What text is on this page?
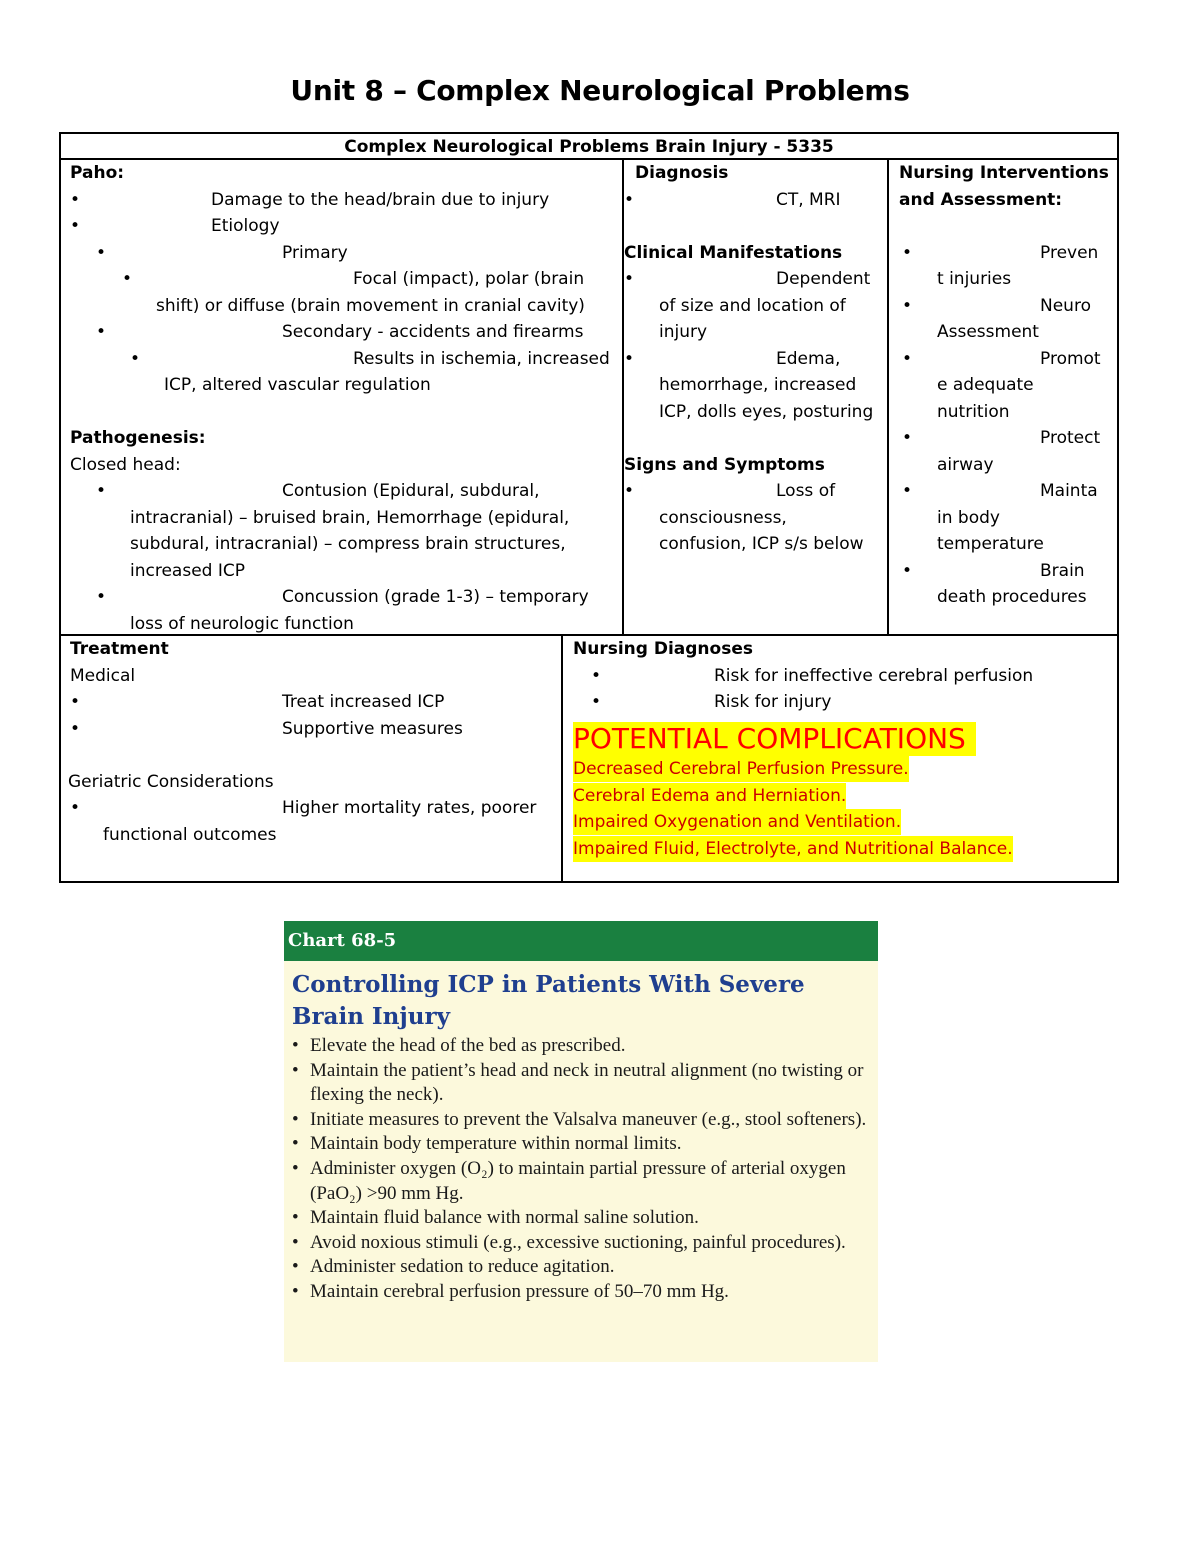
Unit 8 – Complex Neurological Problems
Complex Neurological Problems Brain Injury - 5335
Paho:
•	Damage to the head/brain due to injury
•	Etiology
•	Primary
•	Focal (impact), polar (brain
shift) or diffuse (brain movement in cranial cavity)
•	Secondary - accidents and firearms
•	Results in ischemia, increased
ICP, altered vascular regulation
Pathogenesis:
Closed head:
•	Contusion (Epidural, subdural,
intracranial) – bruised brain, Hemorrhage (epidural,
subdural, intracranial) – compress brain structures,
increased ICP
•	Concussion (grade 1-3) – temporary
loss of neurologic function
Diagnosis
•	CT, MRI
Clinical Manifestations
•	Dependent
of size and location of
injury
•	Edema,
hemorrhage, increased
ICP, dolls eyes, posturing
Signs and Symptoms
•	Loss of
consciousness,
confusion, ICP s/s below
Nursing Interventions
and Assessment:
•	Preven
t injuries
•	Neuro
Assessment
•	Promot
e adequate
nutrition
•	Protect
airway
•	Mainta
in body
temperature
•	Brain
death procedures
Treatment
Medical
•	Treat increased ICP
•	Supportive measures
Geriatric Considerations
•	Higher mortality rates, poorer
functional outcomes
Nursing Diagnoses
•	Risk for ineffective cerebral perfusion
•	Risk for injury
POTENTIAL COMPLICATIONS
Decreased Cerebral Perfusion Pressure.
Cerebral Edema and Herniation.
Impaired Oxygenation and Ventilation.
Impaired Fluid, Electrolyte, and Nutritional Balance.
Chart 68-5
Controlling ICP in Patients With Severe Brain Injury
• Elevate the head of the bed as prescribed.
• Maintain the patient’s head and neck in neutral alignment (no twisting or flexing the neck).
• Initiate measures to prevent the Valsalva maneuver (e.g., stool softeners).
• Maintain body temperature within normal limits.
• Administer oxygen (O₂) to maintain partial pressure of arterial oxygen (PaO₂) >90 mm Hg.
• Maintain fluid balance with normal saline solution.
• Avoid noxious stimuli (e.g., excessive suctioning, painful procedures).
• Administer sedation to reduce agitation.
• Maintain cerebral perfusion pressure of 50–70 mm Hg.
